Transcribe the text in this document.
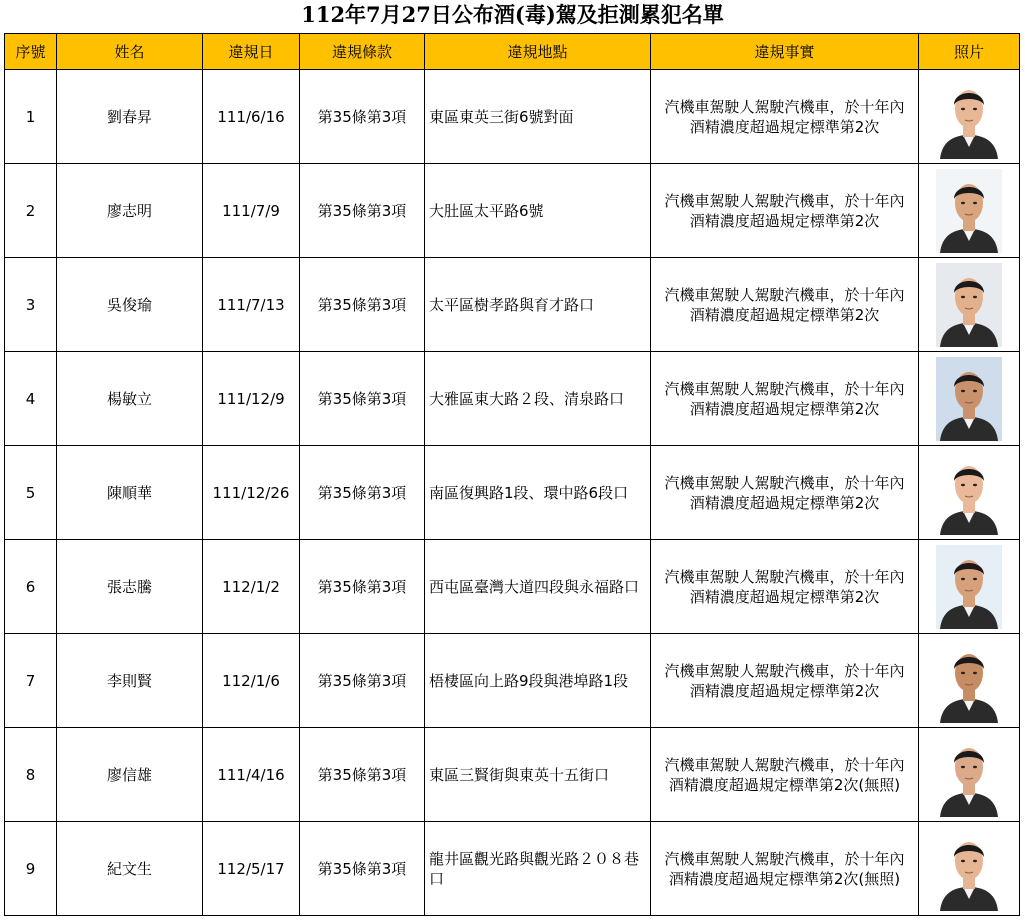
112年7月27日公布酒(毒)駕及拒測累犯名單
序號	姓名	違規日	違規條款	違規地點	違規事實	照片
1	劉春昇	111/6/16	第35條第3項	東區東英三街6號對面	汽機車駕駛人駕駛汽機車，於十年內
酒精濃度超過規定標準第2次

2	廖志明	111/7/9	第35條第3項	大肚區太平路6號	汽機車駕駛人駕駛汽機車，於十年內
酒精濃度超過規定標準第2次

3	吳俊瑜	111/7/13	第35條第3項	太平區樹孝路與育才路口	汽機車駕駛人駕駛汽機車，於十年內
酒精濃度超過規定標準第2次

4	楊敏立	111/12/9	第35條第3項	大雅區東大路２段、清泉路口	汽機車駕駛人駕駛汽機車，於十年內
酒精濃度超過規定標準第2次

5	陳順華	111/12/26	第35條第3項	南區復興路1段、環中路6段口	汽機車駕駛人駕駛汽機車，於十年內
酒精濃度超過規定標準第2次

6	張志騰	112/1/2	第35條第3項	西屯區臺灣大道四段與永福路口	汽機車駕駛人駕駛汽機車，於十年內
酒精濃度超過規定標準第2次

7	李則賢	112/1/6	第35條第3項	梧棲區向上路9段與港埠路1段	汽機車駕駛人駕駛汽機車，於十年內
酒精濃度超過規定標準第2次

8	廖信雄	111/4/16	第35條第3項	東區三賢街與東英十五街口	汽機車駕駛人駕駛汽機車，於十年內
酒精濃度超過規定標準第2次(無照)

9	紀文生	112/5/17	第35條第3項	龍井區觀光路與觀光路２０８巷口	汽機車駕駛人駕駛汽機車，於十年內
酒精濃度超過規定標準第2次(無照)
